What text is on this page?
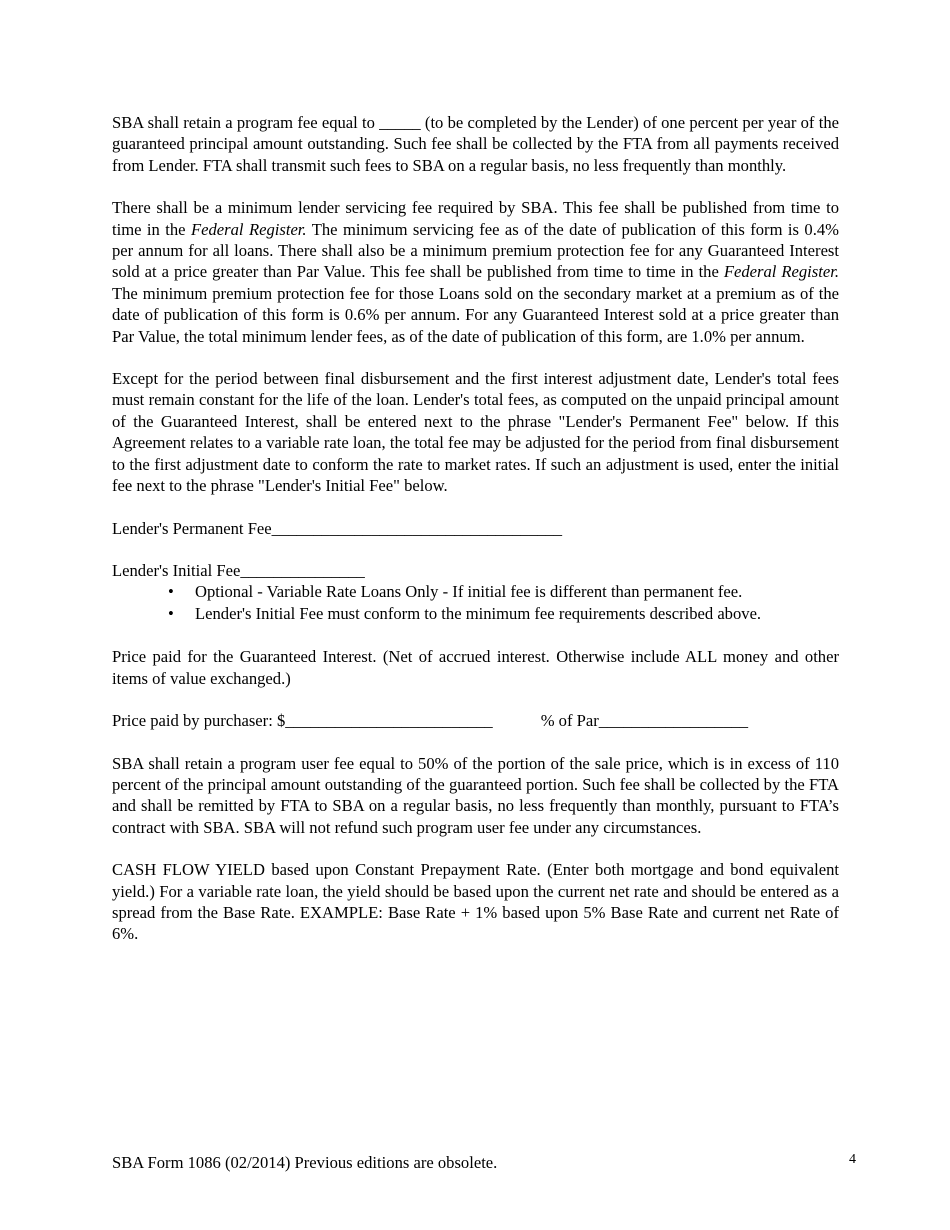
SBA shall retain a program fee equal to _____ (to be completed by the Lender) of one percent per year of the guaranteed principal amount outstanding. Such fee shall be collected by the FTA from all payments received from Lender. FTA shall transmit such fees to SBA on a regular basis, no less frequently than monthly.

There shall be a minimum lender servicing fee required by SBA. This fee shall be published from time to time in the Federal Register. The minimum servicing fee as of the date of publication of this form is 0.4% per annum for all loans. There shall also be a minimum premium protection fee for any Guaranteed Interest sold at a price greater than Par Value. This fee shall be published from time to time in the Federal Register. The minimum premium protection fee for those Loans sold on the secondary market at a premium as of the date of publication of this form is 0.6% per annum. For any Guaranteed Interest sold at a price greater than Par Value, the total minimum lender fees, as of the date of publication of this form, are 1.0% per annum.

Except for the period between final disbursement and the first interest adjustment date, Lender's total fees must remain constant for the life of the loan. Lender's total fees, as computed on the unpaid principal amount of the Guaranteed Interest, shall be entered next to the phrase "Lender's Permanent Fee" below. If this Agreement relates to a variable rate loan, the total fee may be adjusted for the period from final disbursement to the first adjustment date to conform the rate to market rates. If such an adjustment is used, enter the initial fee next to the phrase "Lender's Initial Fee" below.

Lender's Permanent Fee___________________________________
Lender's Initial Fee_______________
• Optional - Variable Rate Loans Only - If initial fee is different than permanent fee.
• Lender's Initial Fee must conform to the minimum fee requirements described above.

Price paid for the Guaranteed Interest. (Net of accrued interest. Otherwise include ALL money and other items of value exchanged.)

Price paid by purchaser: $_________________________	% of Par__________________

SBA shall retain a program user fee equal to 50% of the portion of the sale price, which is in excess of 110 percent of the principal amount outstanding of the guaranteed portion. Such fee shall be collected by the FTA and shall be remitted by FTA to SBA on a regular basis, no less frequently than monthly, pursuant to FTA’s contract with SBA. SBA will not refund such program user fee under any circumstances.

CASH FLOW YIELD based upon Constant Prepayment Rate. (Enter both mortgage and bond equivalent yield.) For a variable rate loan, the yield should be based upon the current net rate and should be entered as a spread from the Base Rate. EXAMPLE: Base Rate + 1% based upon 5% Base Rate and current net Rate of 6%.

SBA Form 1086 (02/2014) Previous editions are obsolete.	4
